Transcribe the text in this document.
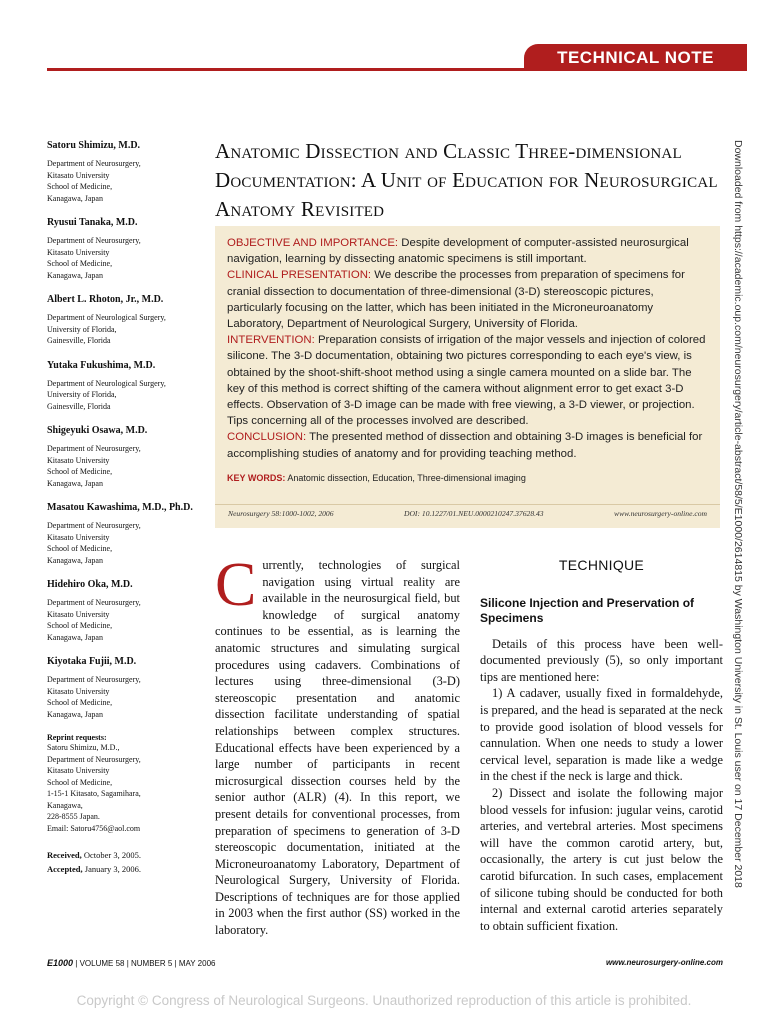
TECHNICAL NOTE
Downloaded from https://academic.oup.com/neurosurgery/article-abstract/58/5/E1000/2614815 by Washington University in St. Louis user on 17 December 2018
Satoru Shimizu, M.D.
Department of Neurosurgery,
Kitasato University
School of Medicine,
Kanagawa, Japan
Ryusui Tanaka, M.D.
Department of Neurosurgery,
Kitasato University
School of Medicine,
Kanagawa, Japan
Albert L. Rhoton, Jr., M.D.
Department of Neurological Surgery,
University of Florida,
Gainesville, Florida
Yutaka Fukushima, M.D.
Department of Neurological Surgery,
University of Florida,
Gainesville, Florida
Shigeyuki Osawa, M.D.
Department of Neurosurgery,
Kitasato University
School of Medicine,
Kanagawa, Japan
Masatou Kawashima, M.D., Ph.D.
Department of Neurosurgery,
Kitasato University
School of Medicine,
Kanagawa, Japan
Hidehiro Oka, M.D.
Department of Neurosurgery,
Kitasato University
School of Medicine,
Kanagawa, Japan
Kiyotaka Fujii, M.D.
Department of Neurosurgery,
Kitasato University
School of Medicine,
Kanagawa, Japan
Reprint requests:
Satoru Shimizu, M.D.,
Department of Neurosurgery,
Kitasato University
School of Medicine,
1-15-1 Kitasato, Sagamihara,
Kanagawa,
228-8555 Japan.
Email: Satoru4756@aol.com
Received, October 3, 2005.
Accepted, January 3, 2006.
Anatomic Dissection and Classic Three-dimensional Documentation: A Unit of Education for Neurosurgical Anatomy Revisited
OBJECTIVE AND IMPORTANCE: Despite development of computer-assisted neurosurgical navigation, learning by dissecting anatomic specimens is still important.
CLINICAL PRESENTATION: We describe the processes from preparation of specimens for cranial dissection to documentation of three-dimensional (3-D) stereoscopic pictures, particularly focusing on the latter, which has been initiated in the Microneuroanatomy Laboratory, Department of Neurological Surgery, University of Florida.
INTERVENTION: Preparation consists of irrigation of the major vessels and injection of colored silicone. The 3-D documentation, obtaining two pictures corresponding to each eye's view, is obtained by the shoot-shift-shoot method using a single camera mounted on a slide bar. The key of this method is correct shifting of the camera without alignment error to get exact 3-D effects. Observation of 3-D image can be made with free viewing, a 3-D viewer, or projection. Tips concerning all of the processes involved are described.
CONCLUSION: The presented method of dissection and obtaining 3-D images is beneficial for accomplishing studies of anatomy and for providing teaching method.
KEY WORDS: Anatomic dissection, Education, Three-dimensional imaging
Neurosurgery 58:1000-1002, 2006	DOI: 10.1227/01.NEU.0000210247.37628.43	www.neurosurgery-online.com
Currently, technologies of surgical navigation using virtual reality are available in the neurosurgical field, but knowledge of surgical anatomy continues to be essential, as is learning the anatomic structures and simulating surgical procedures using cadavers. Combinations of lectures using three-dimensional (3-D) stereoscopic presentation and anatomic dissection facilitate understanding of spatial relationships between complex structures. Educational effects have been experienced by a large number of participants in recent microsurgical dissection courses held by the senior author (ALR) (4). In this report, we present details for conventional processes, from preparation of specimens to generation of 3-D stereoscopic documentation, initiated at the Microneuroanatomy Laboratory, Department of Neurological Surgery, University of Florida. Descriptions of techniques are for those applied in 2003 when the first author (SS) worked in the laboratory.
TECHNIQUE
Silicone Injection and Preservation of Specimens

Details of this process have been well-documented previously (5), so only important tips are mentioned here:

1) A cadaver, usually fixed in formaldehyde, is prepared, and the head is separated at the neck to provide good isolation of blood vessels for cannulation. When one needs to study a lower cervical level, separation is made like a wedge in the chest if the neck is large and thick.

2) Dissect and isolate the following major blood vessels for infusion: jugular veins, carotid arteries, and vertebral arteries. Most specimens will have the common carotid artery, but, occasionally, the artery is cut just below the carotid bifurcation. In such cases, emplacement of silicone tubing should be conducted for both internal and external carotid arteries separately to obtain sufficient fixation.

E1000 | VOLUME 58 | NUMBER 5 | MAY 2006	www.neurosurgery-online.com
Copyright © Congress of Neurological Surgeons. Unauthorized reproduction of this article is prohibited.
